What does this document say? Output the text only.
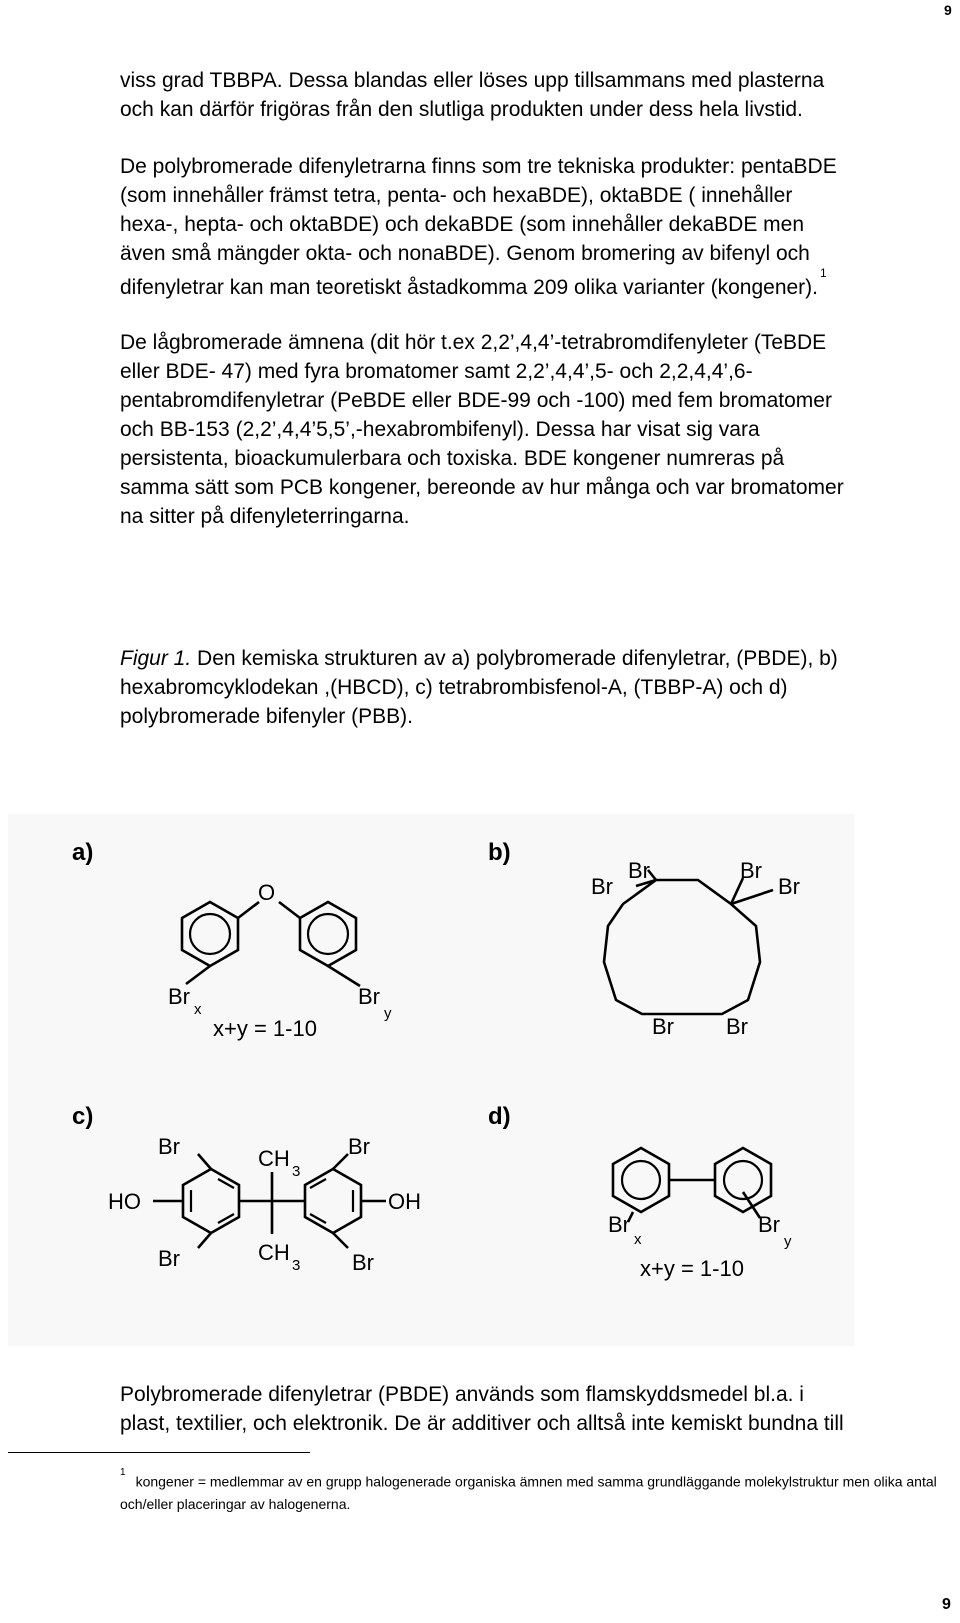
9

viss grad TBBPA. Dessa blandas eller löses upp tillsammans med plasterna
och kan därför frigöras från den slutliga produkten under dess hela livstid.

De polybromerade difenyletrarna finns som tre tekniska produkter: pentaBDE
(som innehåller främst tetra, penta- och hexaBDE), oktaBDE ( innehåller
hexa-, hepta- och oktaBDE) och dekaBDE (som innehåller dekaBDE men
även små mängder okta- och nonaBDE). Genom bromering av bifenyl och
difenyletrar kan man teoretiskt åstadkomma 209 olika varianter (kongener).$^1$

De lågbromerade ämnena (dit hör t.ex 2,2’,4,4’-tetrabromdifenyleter (TeBDE
eller BDE- 47) med fyra bromatomer samt 2,2’,4,4’,5- och 2,2,4,4’,6-
pentabromdifenyletrar (PeBDE eller BDE-99 och -100) med fem bromatomer
och BB-153 (2,2’,4,4’5,5’,-hexabrombifenyl). Dessa har visat sig vara
persistenta, bioackumulerbara och toxiska. BDE kongener numreras på
samma sätt som PCB kongener, bereonde av hur många och var bromatomer
na sitter på difenyleterringarna.

Figur 1. Den kemiska strukturen av a) polybromerade difenyletrar, (PBDE), b)
hexabromcyklodekan ,(HBCD), c) tetrabrombisfenol-A, (TBBP-A) och d)
polybromerade bifenyler (PBB).

a)
O
Br
x
Br
y
x+y = 1-10
b)
Br
Br
Br
Br
Br Br
c)
Br
Br
Br
Br
HO	OH
CH
3
CH
3
d)
Br
x
Br
y
x+y = 1-10

Polybromerade difenyletrar (PBDE) används som flamskyddsmedel bl.a. i
plast, textilier, och elektronik. De är additiver och alltså inte kemiskt bundna till

$^1$kongener = medlemmar av en grupp halogenerade organiska ämnen med samma grundläggande molekylstruktur men olika antal och/eller placeringar av halogenerna.

9
